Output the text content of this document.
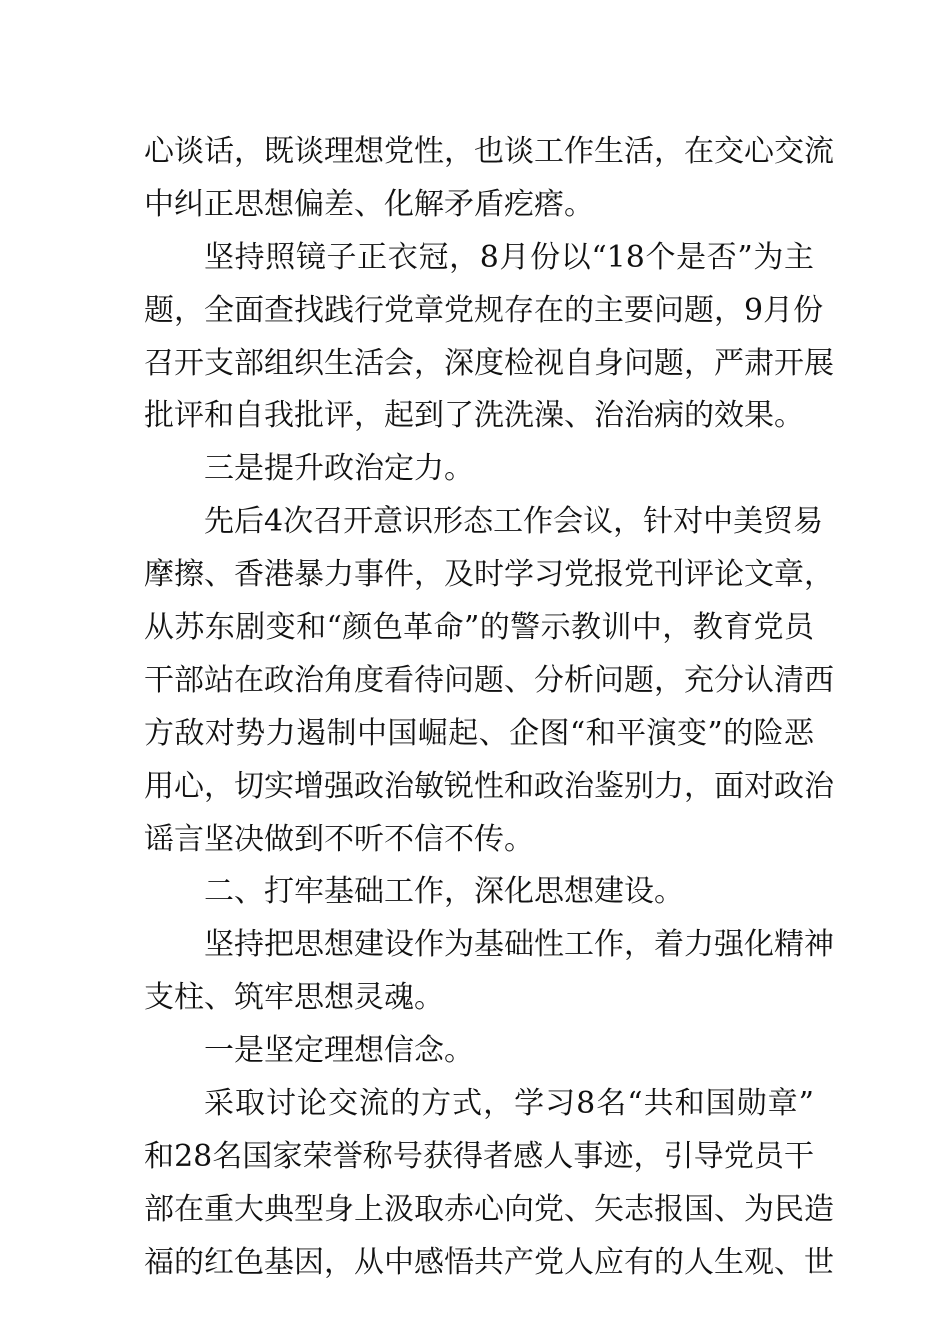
心谈话，既谈理想党性，也谈工作生活，在交心交流
中纠正思想偏差、化解矛盾疙瘩。
坚持照镜子正衣冠，8月份以“18个是否”为主
题，全面查找践行党章党规存在的主要问题，9月份
召开支部组织生活会，深度检视自身问题，严肃开展
批评和自我批评，起到了洗洗澡、治治病的效果。
三是提升政治定力。
先后4次召开意识形态工作会议，针对中美贸易
摩擦、香港暴力事件，及时学习党报党刊评论文章，
从苏东剧变和“颜色革命”的警示教训中，教育党员
干部站在政治角度看待问题、分析问题，充分认清西
方敌对势力遏制中国崛起、企图“和平演变”的险恶
用心，切实增强政治敏锐性和政治鉴别力，面对政治
谣言坚决做到不听不信不传。
二、打牢基础工作，深化思想建设。
坚持把思想建设作为基础性工作，着力强化精神
支柱、筑牢思想灵魂。
一是坚定理想信念。
采取讨论交流的方式，学习8名“共和国勋章”
和28名国家荣誉称号获得者感人事迹，引导党员干
部在重大典型身上汲取赤心向党、矢志报国、为民造
福的红色基因，从中感悟共产党人应有的人生观、世
